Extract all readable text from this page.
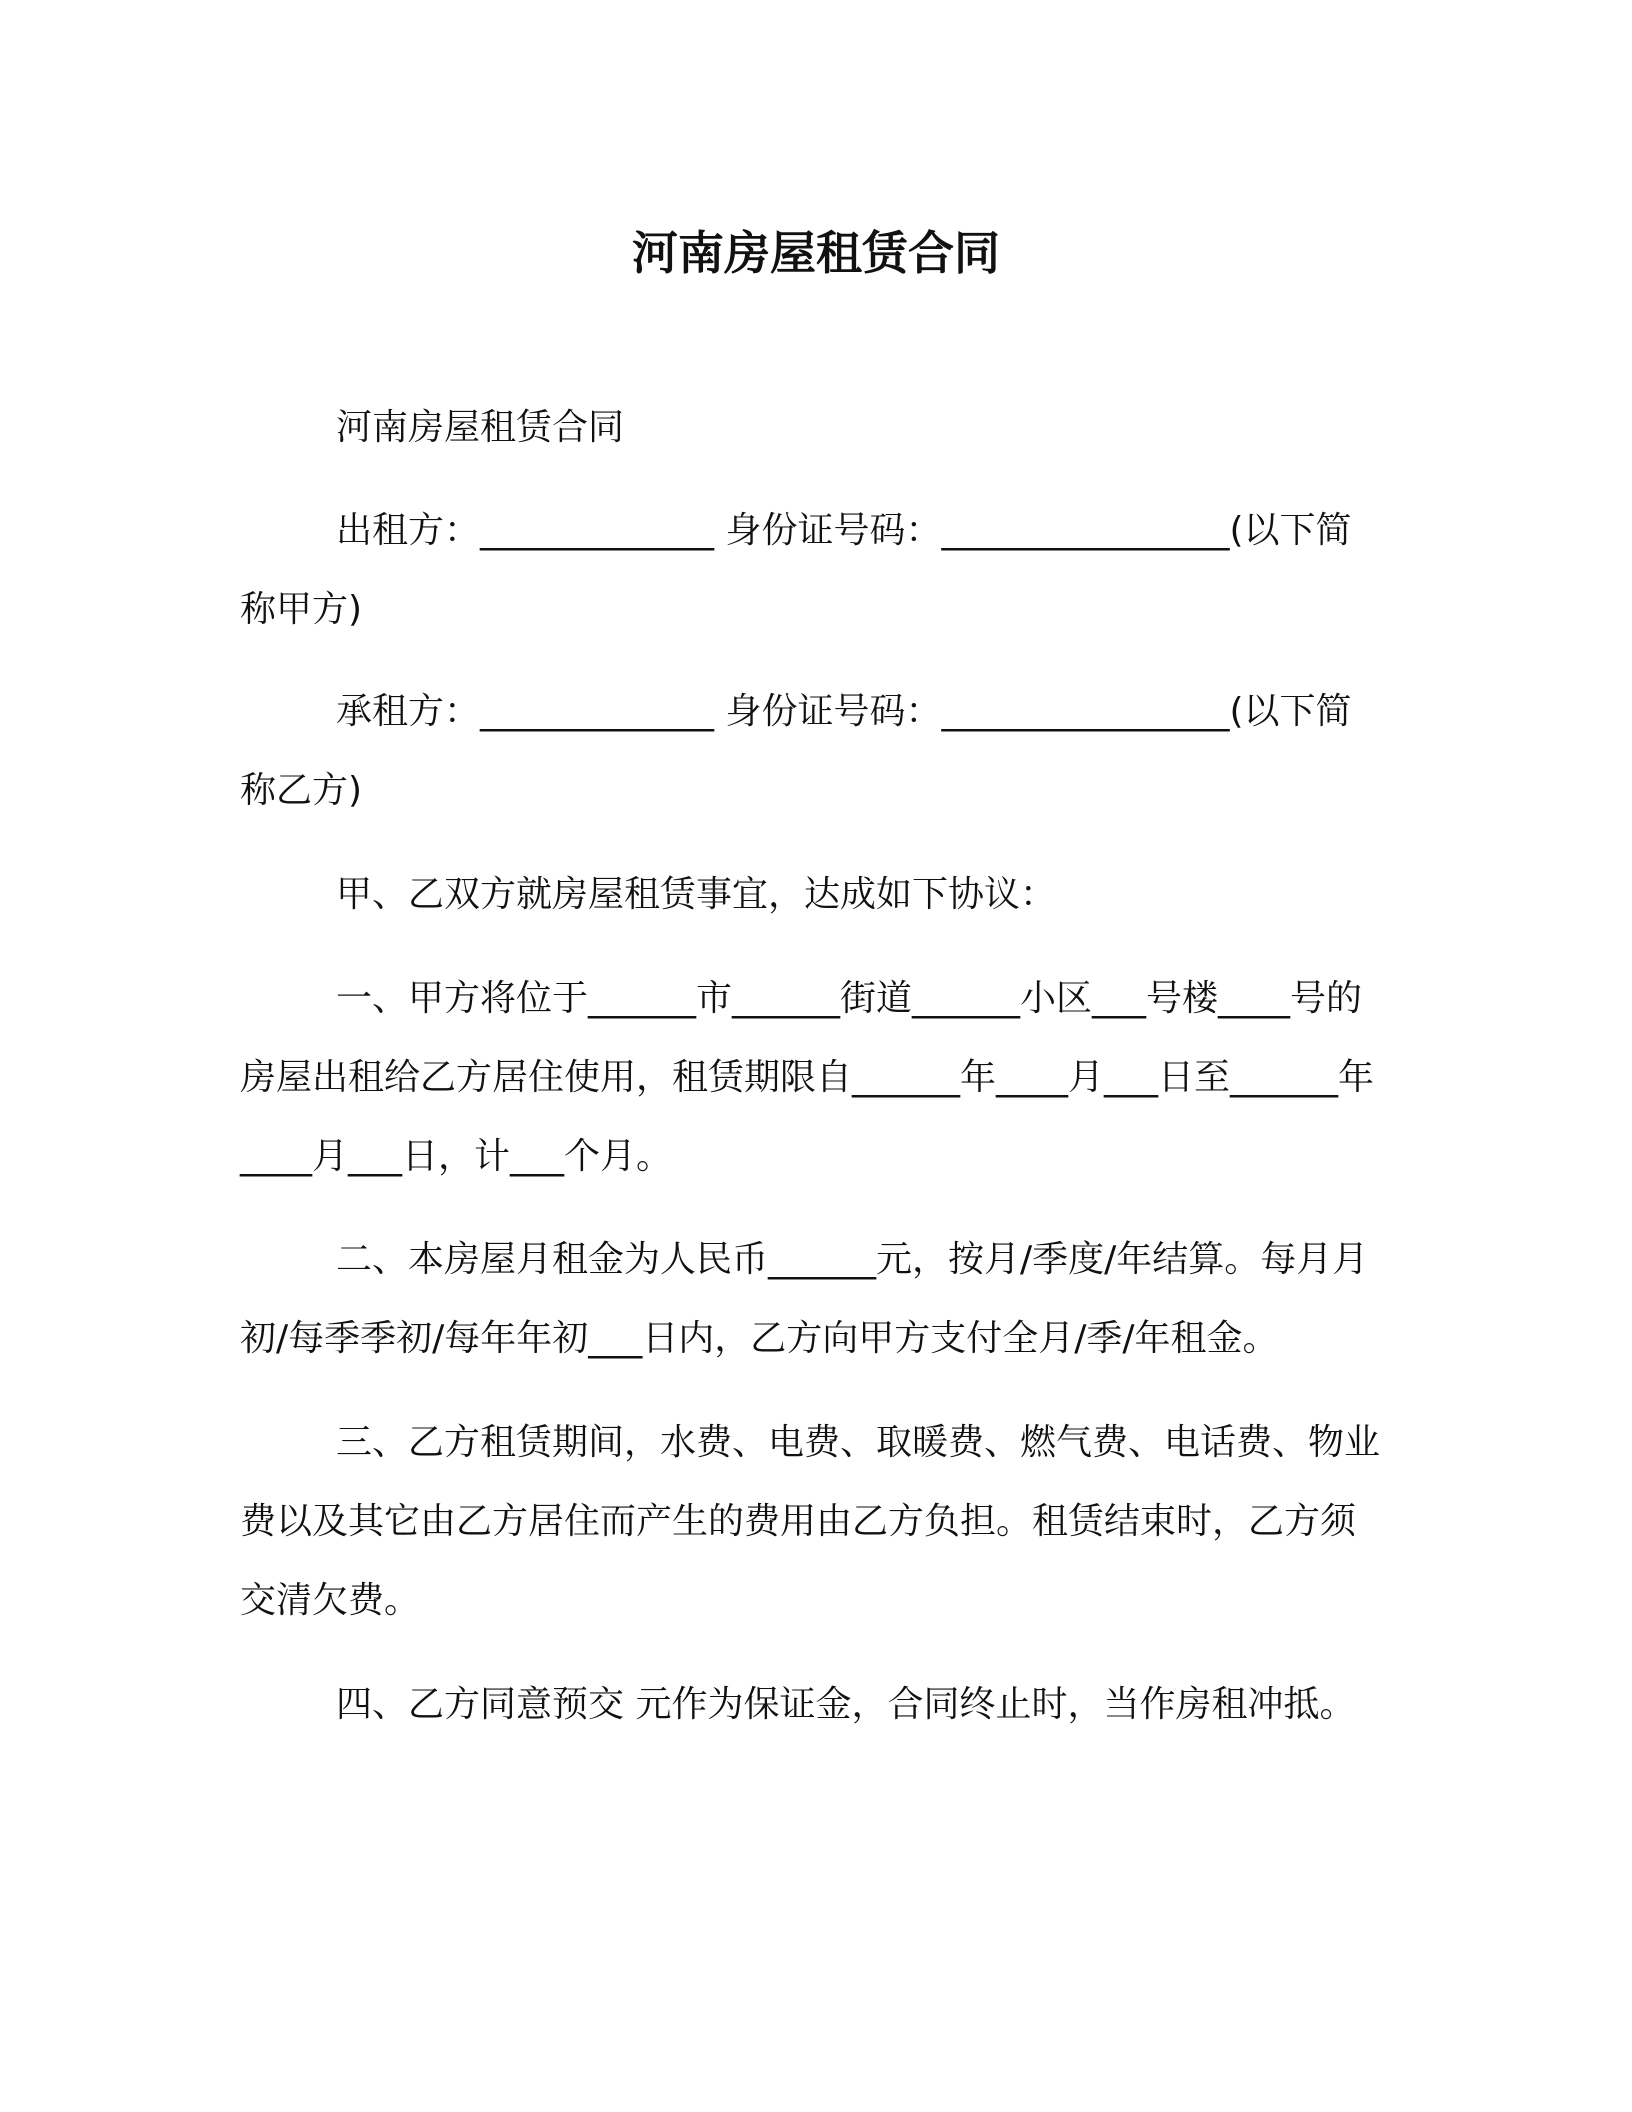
河南房屋租赁合同

河南房屋租赁合同

出租方：_____________ 身份证号码：________________(以下简称甲方)

承租方：_____________ 身份证号码：________________(以下简称乙方)

甲、乙双方就房屋租赁事宜，达成如下协议：

一、甲方将位于______市______街道______小区___号楼____号的房屋出租给乙方居住使用，租赁期限自______年____月___日至______年____月___日，计___个月。

二、本房屋月租金为人民币______元，按月/季度/年结算。每月月初/每季季初/每年年初___日内，乙方向甲方支付全月/季/年租金。

三、乙方租赁期间，水费、电费、取暖费、燃气费、电话费、物业费以及其它由乙方居住而产生的费用由乙方负担。租赁结束时，乙方须交清欠费。

四、乙方同意预交 元作为保证金，合同终止时，当作房租冲抵。
